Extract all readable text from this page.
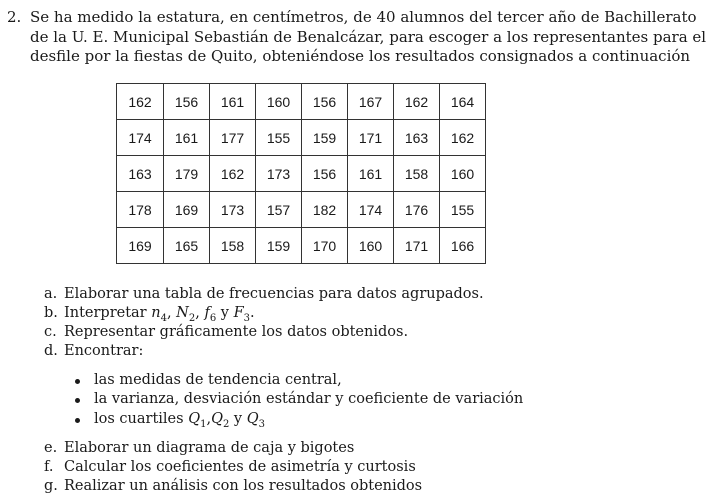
2. Se ha medido la estatura, en centímetros, de 40 alumnos del tercer año de Bachillerato
de la U. E. Municipal Sebastián de Benalcázar, para escoger a los representantes para el
desfile por la fiestas de Quito, obteniéndose los resultados consignados a continuación
162	156	161	160	156	167	162	164
174	161	177	155	159	171	163	162
163	179	162	173	156	161	158	160
178	169	173	157	182	174	176	155
169	165	158	159	170	160	171	166
a. Elaborar una tabla de frecuencias para datos agrupados.
b. Interpretar $n_4$, $N_2$, $f_6$ y $F_3$.
c. Representar gráficamente los datos obtenidos.
d. Encontrar:
las medidas de tendencia central,
la varianza, desviación estándar y coeficiente de variación
los cuartiles $Q_1,Q_2$ y $Q_3$
e. Elaborar un diagrama de caja y bigotes
f. Calcular los coeficientes de asimetría y curtosis
g. Realizar un análisis con los resultados obtenidos
